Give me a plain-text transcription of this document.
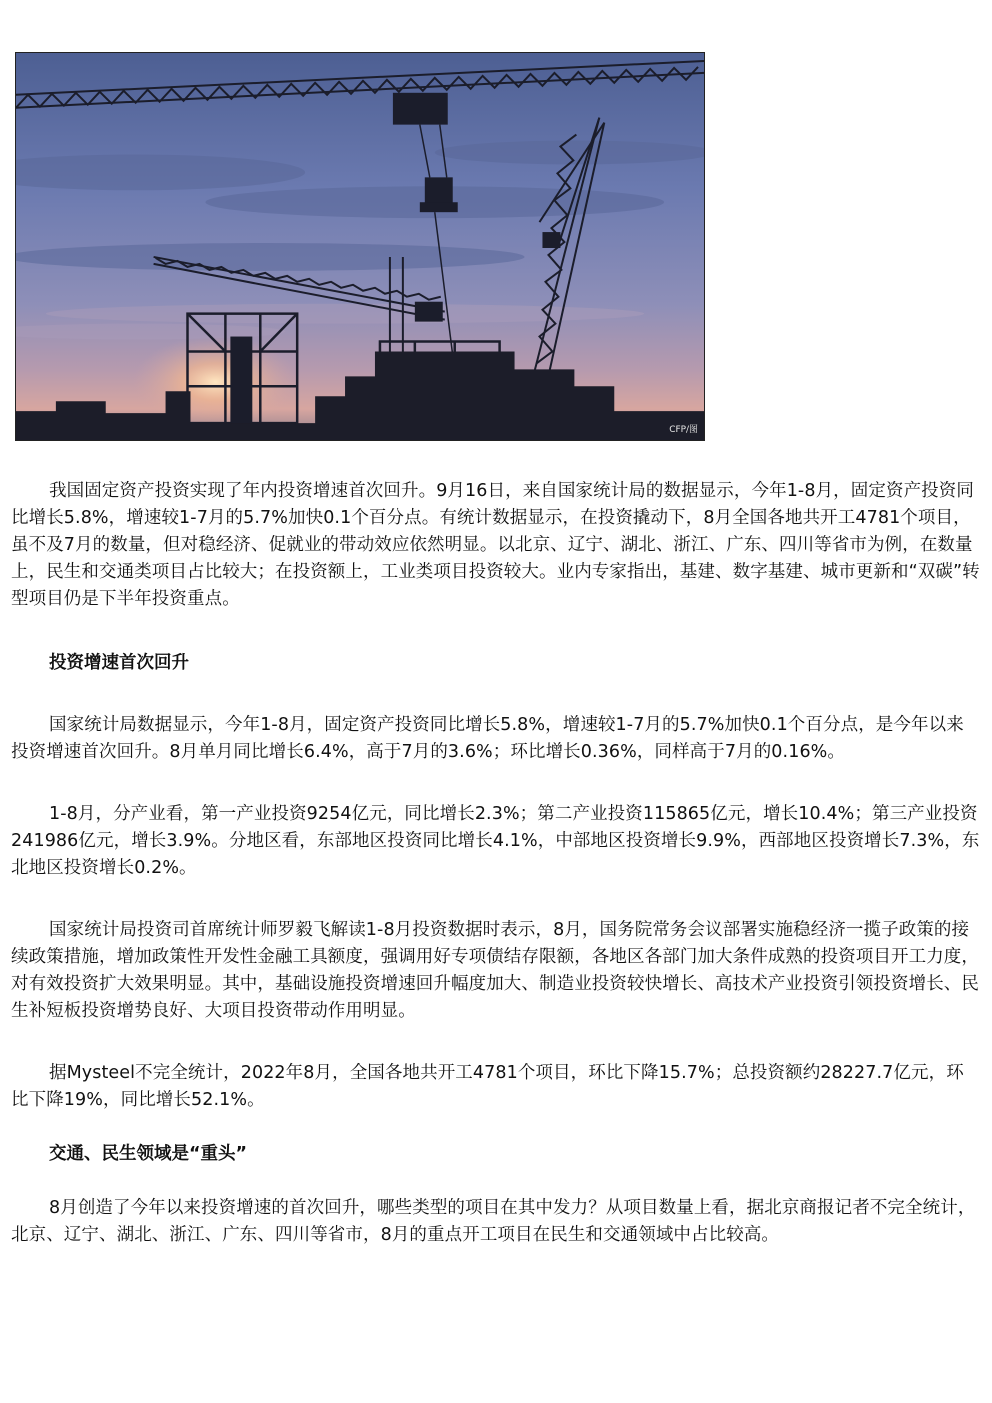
CFP/图

我国固定资产投资实现了年内投资增速首次回升。9月16日，来自国家统计局的数据显示，今年1-8月，固定资产投资同比增长5.8%，增速较1-7月的5.7%加快0.1个百分点。有统计数据显示，在投资撬动下，8月全国各地共开工4781个项目，虽不及7月的数量，但对稳经济、促就业的带动效应依然明显。以北京、辽宁、湖北、浙江、广东、四川等省市为例，在数量上，民生和交通类项目占比较大；在投资额上，工业类项目投资较大。业内专家指出，基建、数字基建、城市更新和“双碳”转型项目仍是下半年投资重点。

投资增速首次回升

国家统计局数据显示，今年1-8月，固定资产投资同比增长5.8%，增速较1-7月的5.7%加快0.1个百分点，是今年以来投资增速首次回升。8月单月同比增长6.4%，高于7月的3.6%；环比增长0.36%，同样高于7月的0.16%。

1-8月，分产业看，第一产业投资9254亿元，同比增长2.3%；第二产业投资115865亿元，增长10.4%；第三产业投资241986亿元，增长3.9%。分地区看，东部地区投资同比增长4.1%，中部地区投资增长9.9%，西部地区投资增长7.3%，东北地区投资增长0.2%。

国家统计局投资司首席统计师罗毅飞解读1-8月投资数据时表示，8月，国务院常务会议部署实施稳经济一揽子政策的接续政策措施，增加政策性开发性金融工具额度，强调用好专项债结存限额，各地区各部门加大条件成熟的投资项目开工力度，对有效投资扩大效果明显。其中，基础设施投资增速回升幅度加大、制造业投资较快增长、高技术产业投资引领投资增长、民生补短板投资增势良好、大项目投资带动作用明显。

据Mysteel不完全统计，2022年8月，全国各地共开工4781个项目，环比下降15.7%；总投资额约28227.7亿元，环比下降19%，同比增长52.1%。

交通、民生领域是“重头”

8月创造了今年以来投资增速的首次回升，哪些类型的项目在其中发力？从项目数量上看，据北京商报记者不完全统计，北京、辽宁、湖北、浙江、广东、四川等省市，8月的重点开工项目在民生和交通领域中占比较高。
